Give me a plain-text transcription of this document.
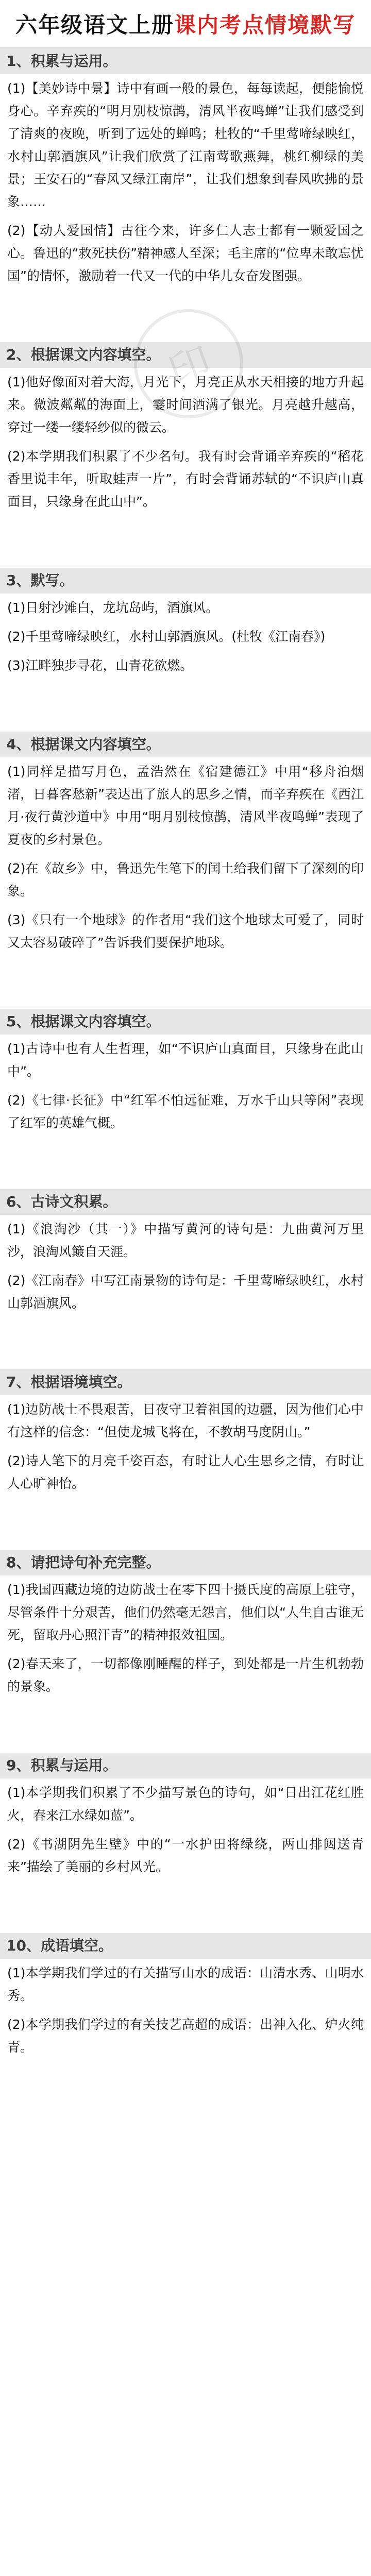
六年级语文上册 课内考点情境默写
1、积累与运用。
(1)【美妙诗中景】诗中有画一般的景色，每每读起，便能愉悦身心。辛弃疾的“明月别枝惊鹊，清风半夜鸣蝉”让我们感受到了清爽的夜晚，听到了远处的蝉鸣；杜牧的“千里莺啼绿映红，水村山郭酒旗风”让我们欣赏了江南莺歌燕舞，桃红柳绿的美景；王安石的“春风又绿江南岸”，让我们想象到春风吹拂的景象……
(2)【动人爱国情】古往今来，许多仁人志士都有一颗爱国之心。鲁迅的“救死扶伤”精神感人至深；毛主席的“位卑未敢忘忧国”的情怀，激励着一代又一代的中华儿女奋发图强。
2、根据课文内容填空。
(1)他好像面对着大海，月光下，月亮正从水天相接的地方升起来。微波粼粼的海面上，霎时间洒满了银光。月亮越升越高，穿过一缕一缕轻纱似的微云。
(2)本学期我们积累了不少名句。我有时会背诵辛弃疾的“稻花香里说丰年，听取蛙声一片”，有时会背诵苏轼的“不识庐山真面目，只缘身在此山中”。
3、默写。
(1)日射沙滩白，龙坑岛屿，酒旗风。
(2)千里莺啼绿映红，水村山郭酒旗风。(杜牧《江南春》)
(3)江畔独步寻花，山青花欲燃。
4、根据课文内容填空。
(1)同样是描写月色，孟浩然在《宿建德江》中用“移舟泊烟渚，日暮客愁新”表达出了旅人的思乡之情，而辛弃疾在《西江月·夜行黄沙道中》中用“明月别枝惊鹊，清风半夜鸣蝉”表现了夏夜的乡村景色。
(2)在《故乡》中，鲁迅先生笔下的闰土给我们留下了深刻的印象。
(3)《只有一个地球》的作者用“我们这个地球太可爱了，同时又太容易破碎了”告诉我们要保护地球。
5、根据课文内容填空。
(1)古诗中也有人生哲理，如“不识庐山真面目，只缘身在此山中”。
(2)《七律·长征》中“红军不怕远征难，万水千山只等闲”表现了红军的英雄气概。
6、古诗文积累。
(1)《浪淘沙（其一）》中描写黄河的诗句是：九曲黄河万里沙，浪淘风簸自天涯。
(2)《江南春》中写江南景物的诗句是：千里莺啼绿映红，水村山郭酒旗风。
7、根据语境填空。
(1)边防战士不畏艰苦，日夜守卫着祖国的边疆，因为他们心中有这样的信念：“但使龙城飞将在，不教胡马度阴山。”
(2)诗人笔下的月亮千姿百态，有时让人心生思乡之情，有时让人心旷神怡。
8、请把诗句补充完整。
(1)我国西藏边境的边防战士在零下四十摄氏度的高原上驻守，尽管条件十分艰苦，他们仍然毫无怨言，他们以“人生自古谁无死，留取丹心照汗青”的精神报效祖国。
(2)春天来了，一切都像刚睡醒的样子，到处都是一片生机勃勃的景象。
9、积累与运用。
(1)本学期我们积累了不少描写景色的诗句，如“日出江花红胜火，春来江水绿如蓝”。
(2)《书湖阴先生壁》中的“一水护田将绿绕，两山排闼送青来”描绘了美丽的乡村风光。
10、成语填空。
(1)本学期我们学过的有关描写山水的成语：山清水秀、山明水秀。
(2)本学期我们学过的有关技艺高超的成语：出神入化、炉火纯青。
